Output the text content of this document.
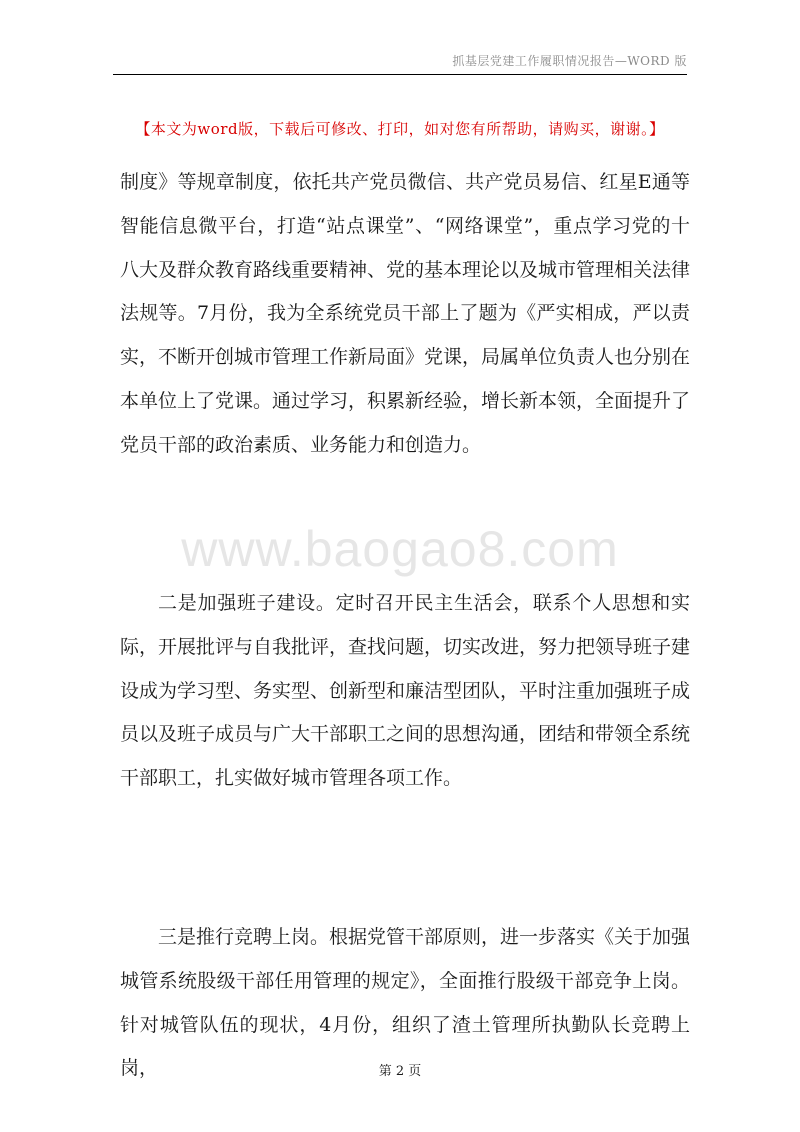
抓基层党建工作履职情况报告—WORD 版
【本文为word版，下载后可修改、打印，如对您有所帮助，请购买，谢谢。】

制度》等规章制度，依托共产党员微信、共产党员易信、红星E通等智能信息微平台，打造“站点课堂”、“网络课堂”，重点学习党的十八大及群众教育路线重要精神、党的基本理论以及城市管理相关法律法规等。7月份，我为全系统党员干部上了题为《严实相成，严以责实，不断开创城市管理工作新局面》党课，局属单位负责人也分别在本单位上了党课。通过学习，积累新经验，增长新本领，全面提升了党员干部的政治素质、业务能力和创造力。

www.baogao8.com

二是加强班子建设。定时召开民主生活会，联系个人思想和实际，开展批评与自我批评，查找问题，切实改进，努力把领导班子建设成为学习型、务实型、创新型和廉洁型团队，平时注重加强班子成员以及班子成员与广大干部职工之间的思想沟通，团结和带领全系统干部职工，扎实做好城市管理各项工作。

三是推行竞聘上岗。根据党管干部原则，进一步落实《关于加强城管系统股级干部任用管理的规定》，全面推行股级干部竞争上岗。针对城管队伍的现状，4月份，组织了渣土管理所执勤队长竞聘上岗，	第 2 页
